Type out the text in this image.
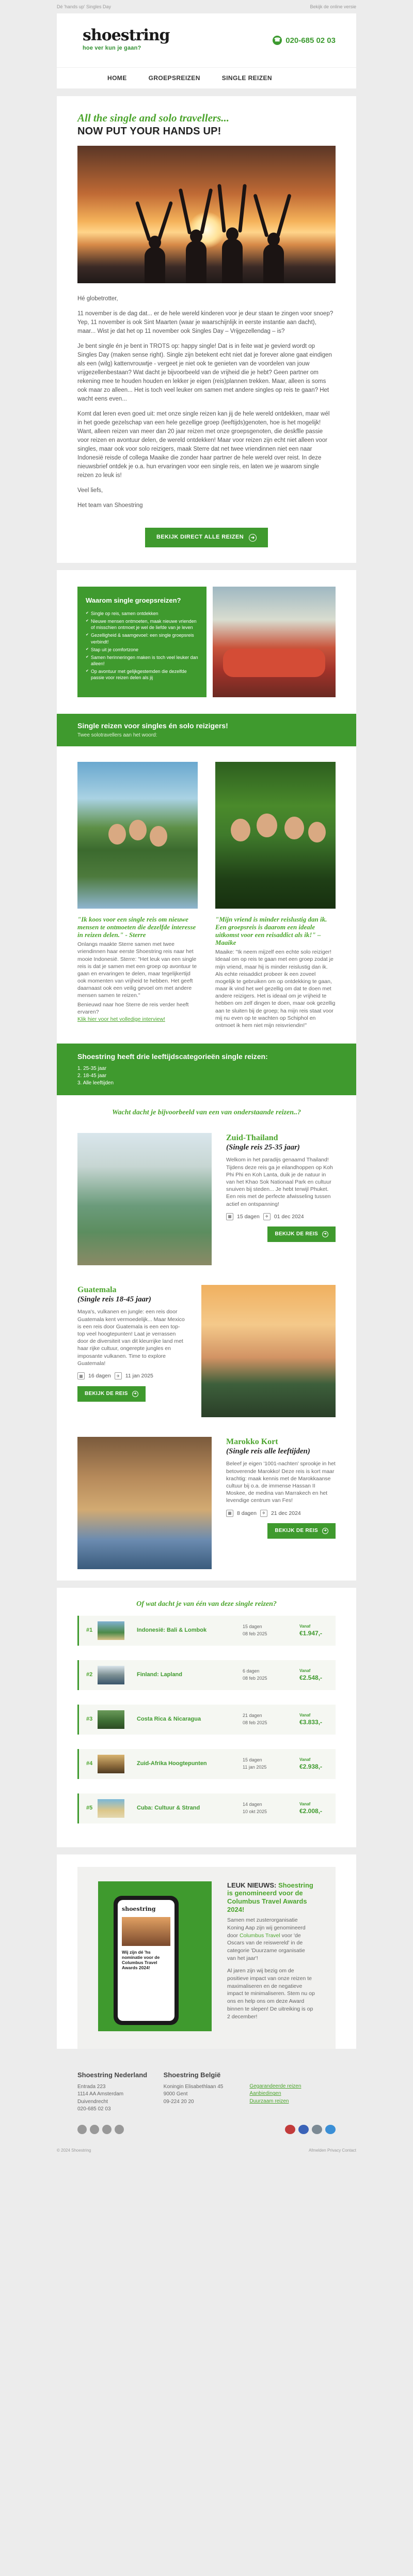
Dé 'hands up' Singles Day	Bekijk de online versie
shoestring
hoe ver kun je gaan?
☎ 020-685 02 03
HOME	GROEPSREIZEN	SINGLE REIZEN
All the single and solo travellers...
NOW PUT YOUR HANDS UP!

Hé globetrotter,

11 november is de dag dat... er de hele wereld kinderen voor je deur staan te zingen voor snoep? Yep, 11 november is ook Sint Maarten (waar je waarschijnlijk in eerste instantie aan dacht), maar... Wist je dat het op 11 november ook Singles Day – Vrijgezellendag – is?

Je bent single én je bent in TROTS op: happy single! Dat is in feite wat je gevierd wordt op Singles Day (maken sense right). Single zijn betekent echt niet dat je forever alone gaat eindigen als een (wilg) kattenvrouwtje - vergeet je niet ook te genieten van de voordelen van jouw vrijgezellenbestaan? Wat dacht je bijvoorbeeld van de vrijheid die je hebt? Geen partner om rekening mee te houden houden en lekker je eigen (reis)plannen trekken. Maar, alleen is soms ook maar zo alleen... Het is toch veel leuker om samen met andere singles op reis te gaan? Het wacht eens even...

Komt dat leren even goed uit: met onze single reizen kan jij de hele wereld ontdekken, maar wél in het goede gezelschap van een hele gezellige groep (leeftijds)genoten, hoe is het mogelijk! Want, alleen reizen van meer dan 20 jaar reizen met onze groepsgenoten, die deskflle passie voor reizen en avontuur delen, de wereld ontdekken! Maar voor reizen zijn echt niet alleen voor singles, maar ook voor solo reizigers, maak Sterre dat net twee vriendinnen niet een naar Indonesië reisde of collega Maaike die zonder haar partner de hele wereld over reist. In deze nieuwsbrief ontdek je o.a. hun ervaringen voor een single reis, en laten we je waarom single reizen zo leuk is!

Veel liefs,

Het team van Shoestring

BEKIJK DIRECT ALLE REIZEN	➜
Waarom single groepsreizen?
✔ Single op reis, samen ontdekken
✔ Nieuwe mensen ontmoeten, maak nieuwe vrienden of misschien ontmoet je wel de liefde van je leven
✔ Gezelligheid & saamgevoel: een single groepsreis verbindt!
✔ Stap uit je comfortzone
✔ Samen herinneringen maken is toch veel leuker dan alleen!
✔ Op avontuur met gelijkgestemden die dezelfde passie voor reizen delen als jij
Single reizen voor singles én solo reizigers!
Twee solotravellers aan het woord:
"Ik koos voor een single reis om nieuwe mensen te ontmoeten die dezelfde interesse in reizen delen." - Sterre
Onlangs maakte Sterre samen met twee vriendinnen haar eerste Shoestring reis naar het mooie Indonesië. Sterre: "Het leuk van een single reis is dat je samen met een groep op avontuur te gaan en ervaringen te delen, maar tegelijkertijd ook momenten van vrijheid te hebben. Het geeft daarnaast ook een veilig gevoel om met andere mensen samen te reizen."
Benieuwd naar hoe Sterre de reis verder heeft ervaren?
Klik hier voor het volledige interview!
"Mijn vriend is minder reislustig dan ik. Een groepsreis is daarom een ideale uitkomst voor een reisaddict als ik!" – Maaike
Maaike: "Ik neem mijzelf een echte solo reiziger! Ideaal om op reis te gaan met een groep zodat je mijn vriend, maar hij is minder reislustig dan ik. Als echte reisaddict probeer ik een zoveel mogelijk te gebruiken om op ontdekking te gaan, maar ik vind het wel gezellig om dat te doen met andere reizigers. Het is ideaal om je vrijheid te hebben om zelf dingen te doen, maar ook gezellig aan te sluiten bij de groep; ha mijn reis staat voor mij nu even op te wachten op Schiphol en ontmoet ik hem niet mijn reisvriendin!"
Shoestring heeft drie leeftijdscategorieën single reizen:
1. 25-35 jaar
2. 18-45 jaar
3. Alle leeftijden
Wacht dacht je bijvoorbeeld van een van onderstaande reizen..?
Zuid-Thailand
(Single reis 25-35 jaar)
Welkom in het paradijs genaamd Thailand! Tijdens deze reis ga je eilandhoppen op Koh Phi Phi en Koh Lanta, duik je de natuur in van het Khao Sok Nationaal Park en cultuur snuiven bij steden... Je hebt terwijl Phuket. Een reis met de perfecte afwisseling tussen actief en ontspanning!
▦ 15 dagen	✈	01 dec 2024
BEKIJK DE REIS	➜
Guatemala
(Single reis 18-45 jaar)
Maya's, vulkanen en jungle: een reis door Guatemala kent vermoedelijk... Maar Mexico is een reis door Guatemala is een een top-top veel hoogtepunten! Laat je verrassen door de diversiteit van dit kleurrijke land met haar rijke cultuur, ongerepte jungles en imposante vulkanen. Time to explore Guatemala!
▦ 16 dagen	✈	11 jan 2025
BEKIJK DE REIS	➜
Marokko Kort
(Single reis alle leeftijden)
Beleef je eigen '1001-nachten' sprookje in het betoverende Marokko! Deze reis is kort maar krachtig: maak kennis met de Marokkaanse cultuur bij o.a. de immense Hassan II Moskee, de medina van Marrakech en het levendige centrum van Fes!
▦ 8 dagen	✈	21 dec 2024
BEKIJK DE REIS	➜
Of wat dacht je van één van deze single reizen?
#1	Indonesië: Bali & Lombok
15 dagen
08 feb 2025
Vanaf
€1.947,-
#2	Finland: Lapland
6 dagen
08 feb 2025
Vanaf
€2.548,-
#3	Costa Rica & Nicaragua
21 dagen
08 feb 2025
Vanaf
€3.833,-
#4	Zuid-Afrika Hoogtepunten
15 dagen
11 jan 2025
Vanaf
€2.938,-
#5	Cuba: Cultuur & Strand
14 dagen
10 okt 2025
Vanaf
€2.008,-
shoestring
Wij zijn dé 'hs nominatie voor de Columbus Travel Awards 2024!
LEUK NIEUWS: Shoestring is genomineerd voor de Columbus Travel Awards 2024!

Samen met zusterorganisatie Koning Aap zijn wij genomineerd door Columbus Travel voor 'de Oscars van de reiswereld' in de categorie 'Duurzame organisatie van het jaar'!

Al jaren zijn wij bezig om de positieve impact van onze reizen te maximaliseren en de negatieve impact te minimaliseren. Stem nu op ons en help ons om deze Award binnen te slepen! De uitreiking is op 2 december!

Shoestring Nederland
Entrada 223
1114 AA Amsterdam
Duivendrecht
020-685 02 03
Shoestring België
Koningin Elisabethlaan 45
9000 Gent
09-224 20 20
Gegarandeerde reizen
Aanbiedingen
Duurzaam reizen
© 2024 Shoestring	Afmelden Privacy Contact
